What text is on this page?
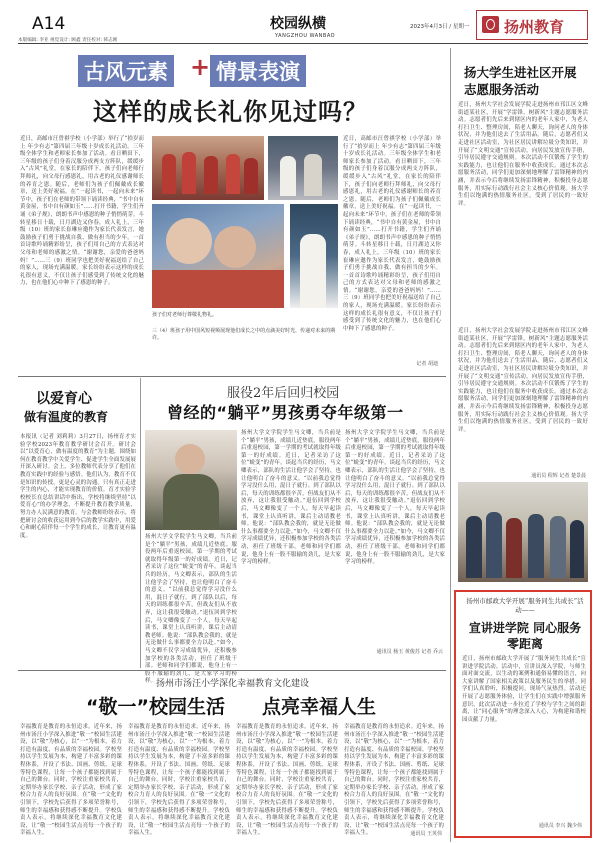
A14	2023年4月3日 / 星期一
校园纵横
YANGZHOU WANBAO	扬州教育
本版编辑: 李亚 视觉设计: 顾鑫 责任校对: 韩志刚
古风元素 + 情景表演
这样的成长礼你见过吗？
近日，高邮市汪曾祺学校（小学部）举行了“拾岁而上 年少有志”第四届三年级十岁成长礼活动。三年级全体学生和老师家长参加了活动。看日晒田下，三年级的孩子们身着汉服分成两支方阵队，缓缓步入“古风”礼堂，在家长的陪伴下，孩子们向老师行拜师礼，向父母行感恩礼，用古老的礼仪感谢师长的养育之恩。随后，老师们为孩子们佩戴成长徽章，送上美好祝福。在“一起读书，一起向未来”环节中，孩子们在老师的带领下诵读经典，“书中自有黄金屋，书中自有颜如玉”……打开书籍，学生们齐诵《弟子规》，朗朗书声中感恩的种子悄悄萌芽。斗转星移日十载，日月湖边又你春，成人礼上，三年级（10）班的家长崔琳应邀作为家长代表发言，她鼓励孩子们勇于挑战自我、做有担当的少年。一首首诗歌吟诵精彩纷呈，孩子们用自己的方式表达对父母和老师的感激之情。“谢谢您，亲爱的爸爸妈妈！”……三（9）班同学也把美好祝福送给了自己的家人，现场充满温暖。家长纷纷表示这样的成长礼很有意义，不仅让孩子们感受到了传统文化的魅力，也在他们心中种下了感恩的种子。
孩子们对老师行尊敬礼物礼。
三（4）班孩子用中国风短视频展现他们成长之中的点滴美好时光，传递对未来的期许。
记者 胡迪
近日，高邮市汪曾祺学校（小学部）举行了“拾岁而上 年少有志”第四届三年级十岁成长礼活动。三年级全体学生和老师家长参加了活动。看日晒田下，三年级的孩子们身着汉服分成两支方阵队，缓缓步入“古风”礼堂，在家长的陪伴下，孩子们向老师行拜师礼，向父母行感恩礼，用古老的礼仪感谢师长的养育之恩。随后，老师们为孩子们佩戴成长徽章，送上美好祝福。在“一起读书，一起向未来”环节中，孩子们在老师的带领下诵读经典，“书中自有黄金屋，书中自有颜如玉”……打开书籍，学生们齐诵《弟子规》，朗朗书声中感恩的种子悄悄萌芽。斗转星移日十载，日月湖边又你春，成人礼上，三年级（10）班的家长崔琳应邀作为家长代表发言，她鼓励孩子们勇于挑战自我、做有担当的少年。一首首诗歌吟诵精彩纷呈，孩子们用自己的方式表达对父母和老师的感激之情。“谢谢您，亲爱的爸爸妈妈！”……三（9）班同学也把美好祝福送给了自己的家人，现场充满温暖。家长纷纷表示这样的成长礼很有意义，不仅让孩子们感受到了传统文化的魅力，也在他们心中种下了感恩的种子。
扬大学生进社区开展志愿服务活动
近日，扬州大学社会发展学院走进扬州市邗江区文峰街道某社区，开展“学雷锋，树新风”主题志愿服务活动。志愿者们先后来到辖区内的老年人家中，为老人打扫卫生、整理房间，陪老人聊天，询问老人的身体状况，并为他们送去了生活用品。随后，志愿者们又走进社区活动室，为社区居民讲解垃圾分类知识，并开展了“文明交通”宣传活动，向居民发放宣传手册，引导居民遵守交通规则。本次活动不仅锻炼了学生的实践能力，也让他们在服务中收获成长。通过本次志愿服务活动，同学们更加深刻地理解了雷锋精神的内涵，并表示今后将继续发扬雷锋精神，积极投身志愿服务，用实际行动践行社会主义核心价值观。扬大学生们以饱满的热情服务社区，受到了居民的一致好评。
近日，扬州大学社会发展学院走进扬州市邗江区文峰街道某社区，开展“学雷锋，树新风”主题志愿服务活动。志愿者们先后来到辖区内的老年人家中，为老人打扫卫生、整理房间，陪老人聊天，询问老人的身体状况，并为他们送去了生活用品。随后，志愿者们又走进社区活动室，为社区居民讲解垃圾分类知识，并开展了“文明交通”宣传活动，向居民发放宣传手册，引导居民遵守交通规则。本次活动不仅锻炼了学生的实践能力，也让他们在服务中收获成长。通过本次志愿服务活动，同学们更加深刻地理解了雷锋精神的内涵，并表示今后将继续发扬雷锋精神，积极投身志愿服务，用实际行动践行社会主义核心价值观。扬大学生们以饱满的热情服务社区，受到了居民的一致好评。
通讯员 程辉 记者 楚景晨
扬州市邮政大学开展“服务同生共成长”活动——
宣讲进学院 同心服务零距离
近日，扬州市邮政大学开展了“服务同生共成长”宣讲进学院活动。活动中，宣讲员深入学院，与师生面对面交流，以生动的案例和通俗易懂的语言，向大家讲解了国家相关政策以及服务民生的举措。同学们认真聆听，积极提问，现场气氛热烈。活动还开展了志愿服务体验，让学生们在实践中增强服务意识。此次活动进一步拉近了学校与学生之间的距离，让“同心服务”的理念深入人心，为构建和谐校园贡献了力量。
通讯员 李兴 魏少伟
以爱育心
做有温度的教育
本报讯（记者 刘莉莉）3月27日，扬州育才实验学校2023年教育教学研讨会召开。研讨会以“以爱育心，做有温度的教育”为主题，围绕如何在教育教学中关爱学生、促进学生全面发展展开深入研讨。会上，多位教师代表分享了他们在教育实践中的经验与感悟。他们认为，教育不仅是知识的传授，更是心灵的沟通。只有真正走进学生的内心，才能实现教育的价值。育才实验学校校长在总结讲话中指出，学校将继续坚持“以爱育心”的办学理念，不断提升教育教学质量，努力办人民满意的教育。与会教师纷纷表示，将把研讨会的收获运用到今后的教学实践中，用爱心和耐心陪伴每一个学生的成长，让教育更有温度。
服役2年后回归校园
曾经的“躺平”男孩勇夺年级第一
扬州大学文学院学生马文卿，当兵前是个“躺平”男孩，成绩几近垫底。服役两年后重返校园，第一学期的考试就取得年级第一的好成绩。近日，记者采访了这位“蜕变”的青年。谈起当兵的经历，马文卿表示，部队的生活让他学会了坚持，也让他明白了奋斗的意义。“以前我总觉得学习没什么用，混日子就行。到了部队以后，每天的训练都很辛苦，但战友们从不放弃，这让我很受触动。”退伍回到学校后，马文卿像变了一个人，每天早起读书，课堂上认真听讲，课后主动请教老师。他说：“部队教会我的，就是无论做什么事都要全力以赴。”如今，马文卿不仅学习成绩优异，还积极参加学校的各类活动，担任了班级干部。老师和同学们都说，他身上有一股不服输的劲儿，是大家学习的榜样。
扬州大学文学院学生马文卿，当兵前是个“躺平”男孩，成绩几近垫底。服役两年后重返校园，第一学期的考试就取得年级第一的好成绩。近日，记者采访了这位“蜕变”的青年。谈起当兵的经历，马文卿表示，部队的生活让他学会了坚持，也让他明白了奋斗的意义。“以前我总觉得学习没什么用，混日子就行。到了部队以后，每天的训练都很辛苦，但战友们从不放弃，这让我很受触动。”退伍回到学校后，马文卿像变了一个人，每天早起读书，课堂上认真听讲，课后主动请教老师。他说：“部队教会我的，就是无论做什么事都要全力以赴。”如今，马文卿不仅学习成绩优异，还积极参加学校的各类活动，担任了班级干部。老师和同学们都说，他身上有一股不服输的劲儿，是大家学习的榜样。
扬州大学文学院学生马文卿，当兵前是个“躺平”男孩，成绩几近垫底。服役两年后重返校园，第一学期的考试就取得年级第一的好成绩。近日，记者采访了这位“蜕变”的青年。谈起当兵的经历，马文卿表示，部队的生活让他学会了坚持，也让他明白了奋斗的意义。“以前我总觉得学习没什么用，混日子就行。到了部队以后，每天的训练都很辛苦，但战友们从不放弃，这让我很受触动。”退伍回到学校后，马文卿像变了一个人，每天早起读书，课堂上认真听讲，课后主动请教老师。他说：“部队教会我的，就是无论做什么事都要全力以赴。”如今，马文卿不仅学习成绩优异，还积极参加学校的各类活动，担任了班级干部。老师和同学们都说，他身上有一股不服输的劲儿，是大家学习的榜样。
通讯员 杨玉 黄俊苏 记者 乔云
扬州市汤汪小学深化幸福教育文化建设
“敬一”校园生活 点亮幸福人生
幸福教育是教育的永恒追求。近年来，扬州市汤汪小学深入推进“敬一”校园生活建设，以“敬”为核心，以“一”为根本，着力打造有温度、有品质的幸福校园。学校坚持以学生发展为本，构建了丰富多彩的课程体系，开设了书法、国画、剪纸、足球等特色课程，让每一个孩子都能找到属于自己的舞台。同时，学校注重家校共育，定期举办家长学校、亲子活动，形成了家校合力育人的良好氛围。在“敬一”文化的引领下，学校先后获得了多项荣誉称号，师生的幸福感和获得感不断提升。学校负责人表示，将继续深化幸福教育文化建设，让“敬一”校园生活点亮每一个孩子的幸福人生。
幸福教育是教育的永恒追求。近年来，扬州市汤汪小学深入推进“敬一”校园生活建设，以“敬”为核心，以“一”为根本，着力打造有温度、有品质的幸福校园。学校坚持以学生发展为本，构建了丰富多彩的课程体系，开设了书法、国画、剪纸、足球等特色课程，让每一个孩子都能找到属于自己的舞台。同时，学校注重家校共育，定期举办家长学校、亲子活动，形成了家校合力育人的良好氛围。在“敬一”文化的引领下，学校先后获得了多项荣誉称号，师生的幸福感和获得感不断提升。学校负责人表示，将继续深化幸福教育文化建设，让“敬一”校园生活点亮每一个孩子的幸福人生。
幸福教育是教育的永恒追求。近年来，扬州市汤汪小学深入推进“敬一”校园生活建设，以“敬”为核心，以“一”为根本，着力打造有温度、有品质的幸福校园。学校坚持以学生发展为本，构建了丰富多彩的课程体系，开设了书法、国画、剪纸、足球等特色课程，让每一个孩子都能找到属于自己的舞台。同时，学校注重家校共育，定期举办家长学校、亲子活动，形成了家校合力育人的良好氛围。在“敬一”文化的引领下，学校先后获得了多项荣誉称号，师生的幸福感和获得感不断提升。学校负责人表示，将继续深化幸福教育文化建设，让“敬一”校园生活点亮每一个孩子的幸福人生。
幸福教育是教育的永恒追求。近年来，扬州市汤汪小学深入推进“敬一”校园生活建设，以“敬”为核心，以“一”为根本，着力打造有温度、有品质的幸福校园。学校坚持以学生发展为本，构建了丰富多彩的课程体系，开设了书法、国画、剪纸、足球等特色课程，让每一个孩子都能找到属于自己的舞台。同时，学校注重家校共育，定期举办家长学校、亲子活动，形成了家校合力育人的良好氛围。在“敬一”文化的引领下，学校先后获得了多项荣誉称号，师生的幸福感和获得感不断提升。学校负责人表示，将继续深化幸福教育文化建设，让“敬一”校园生活点亮每一个孩子的幸福人生。	通讯员 王英伟
